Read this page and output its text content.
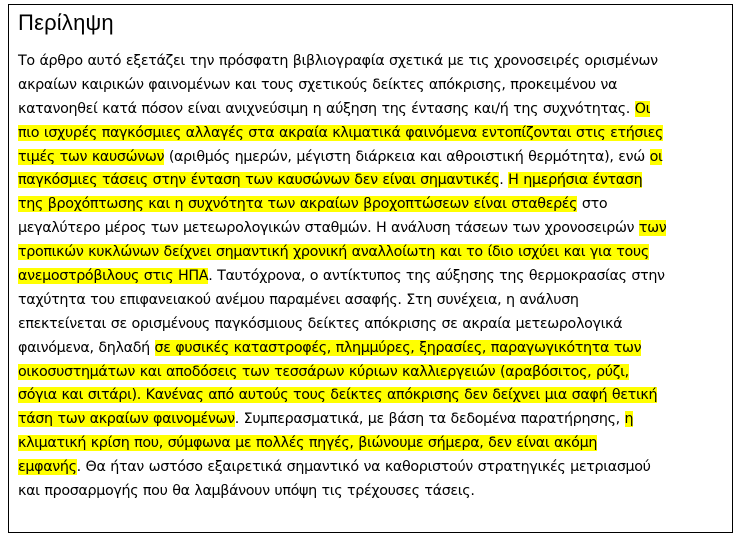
Περίληψη

Το άρθρο αυτό εξετάζει την πρόσφατη βιβλιογραφία σχετικά με τις χρονοσειρές ορισμένων
ακραίων καιρικών φαινομένων και τους σχετικούς δείκτες απόκρισης, προκειμένου να
κατανοηθεί κατά πόσον είναι ανιχνεύσιμη η αύξηση της έντασης και/ή της συχνότητας. Οι
πιο ισχυρές παγκόσμιες αλλαγές στα ακραία κλιματικά φαινόμενα εντοπίζονται στις ετήσιες
τιμές των καυσώνων (αριθμός ημερών, μέγιστη διάρκεια και αθροιστική θερμότητα), ενώ οι
παγκόσμιες τάσεις στην ένταση των καυσώνων δεν είναι σημαντικές. Η ημερήσια ένταση
της βροχόπτωσης και η συχνότητα των ακραίων βροχοπτώσεων είναι σταθερές στο
μεγαλύτερο μέρος των μετεωρολογικών σταθμών. Η ανάλυση τάσεων των χρονοσειρών των
τροπικών κυκλώνων δείχνει σημαντική χρονική αναλλοίωτη και το ίδιο ισχύει και για τους
ανεμοστρόβιλους στις ΗΠΑ. Ταυτόχρονα, ο αντίκτυπος της αύξησης της θερμοκρασίας στην
ταχύτητα του επιφανειακού ανέμου παραμένει ασαφής. Στη συνέχεια, η ανάλυση
επεκτείνεται σε ορισμένους παγκόσμιους δείκτες απόκρισης σε ακραία μετεωρολογικά
φαινόμενα, δηλαδή σε φυσικές καταστροφές, πλημμύρες, ξηρασίες, παραγωγικότητα των
οικοσυστημάτων και αποδόσεις των τεσσάρων κύριων καλλιεργειών (αραβόσιτος, ρύζι,
σόγια και σιτάρι). Κανένας από αυτούς τους δείκτες απόκρισης δεν δείχνει μια σαφή θετική
τάση των ακραίων φαινομένων. Συμπερασματικά, με βάση τα δεδομένα παρατήρησης, η
κλιματική κρίση που, σύμφωνα με πολλές πηγές, βιώνουμε σήμερα, δεν είναι ακόμη
εμφανής. Θα ήταν ωστόσο εξαιρετικά σημαντικό να καθοριστούν στρατηγικές μετριασμού
και προσαρμογής που θα λαμβάνουν υπόψη τις τρέχουσες τάσεις.
